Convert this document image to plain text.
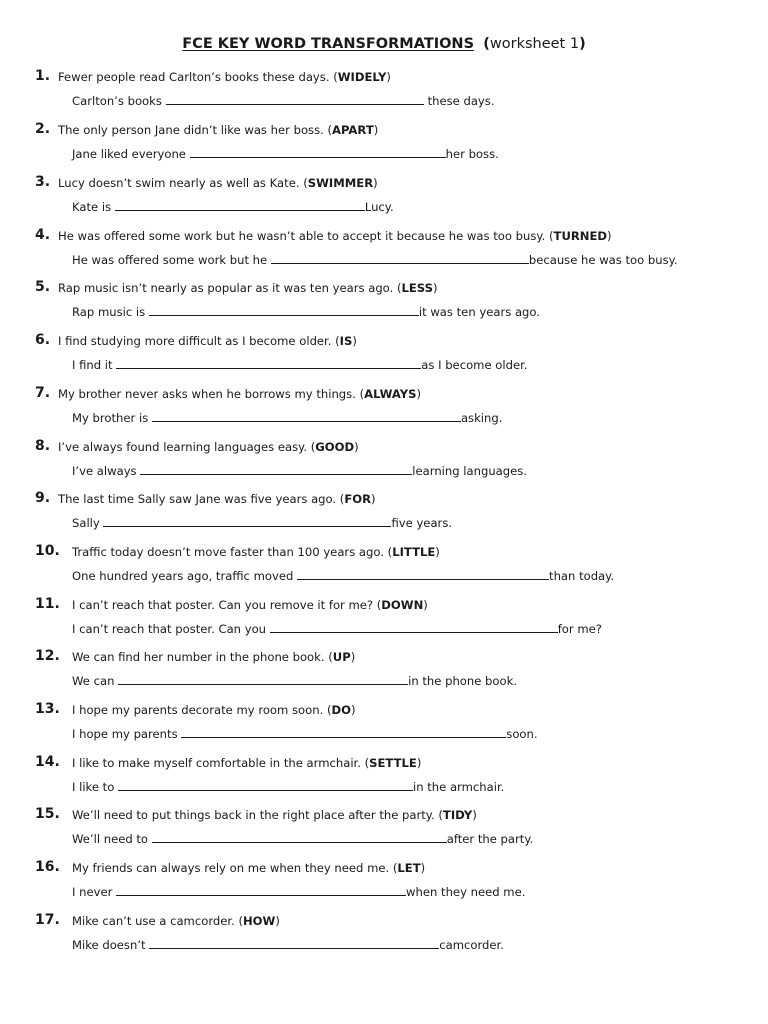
FCE KEY WORD TRANSFORMATIONS (worksheet 1)
1. Fewer people read Carlton’s books these days. (WIDELY)
Carlton’s books	these days.
2. The only person Jane didn’t like was her boss. (APART)
Jane liked everyone	her boss.
3. Lucy doesn’t swim nearly as well as Kate. (SWIMMER)
Kate is	Lucy.
4. He was offered some work but he wasn’t able to accept it because he was too busy. (TURNED)
He was offered some work but he	because he was too busy.
5. Rap music isn’t nearly as popular as it was ten years ago. (LESS)
Rap music is	it was ten years ago.
6. I find studying more difficult as I become older. (IS)
I find it	as I become older.
7. My brother never asks when he borrows my things. (ALWAYS)
My brother is	asking.
8. I’ve always found learning languages easy. (GOOD)
I’ve always	learning languages.
9. The last time Sally saw Jane was five years ago. (FOR)
Sally	five years.
10. Traffic today doesn’t move faster than 100 years ago. (LITTLE)
One hundred years ago, traffic moved	than today.
11. I can’t reach that poster. Can you remove it for me? (DOWN)
I can’t reach that poster. Can you	for me?
12. We can find her number in the phone book. (UP)
We can	in the phone book.
13. I hope my parents decorate my room soon. (DO)
I hope my parents	soon.
14. I like to make myself comfortable in the armchair. (SETTLE)
I like to	in the armchair.
15. We’ll need to put things back in the right place after the party. (TIDY)
We’ll need to	after the party.
16. My friends can always rely on me when they need me. (LET)
I never	when they need me.
17. Mike can’t use a camcorder. (HOW)
Mike doesn’t	camcorder.
